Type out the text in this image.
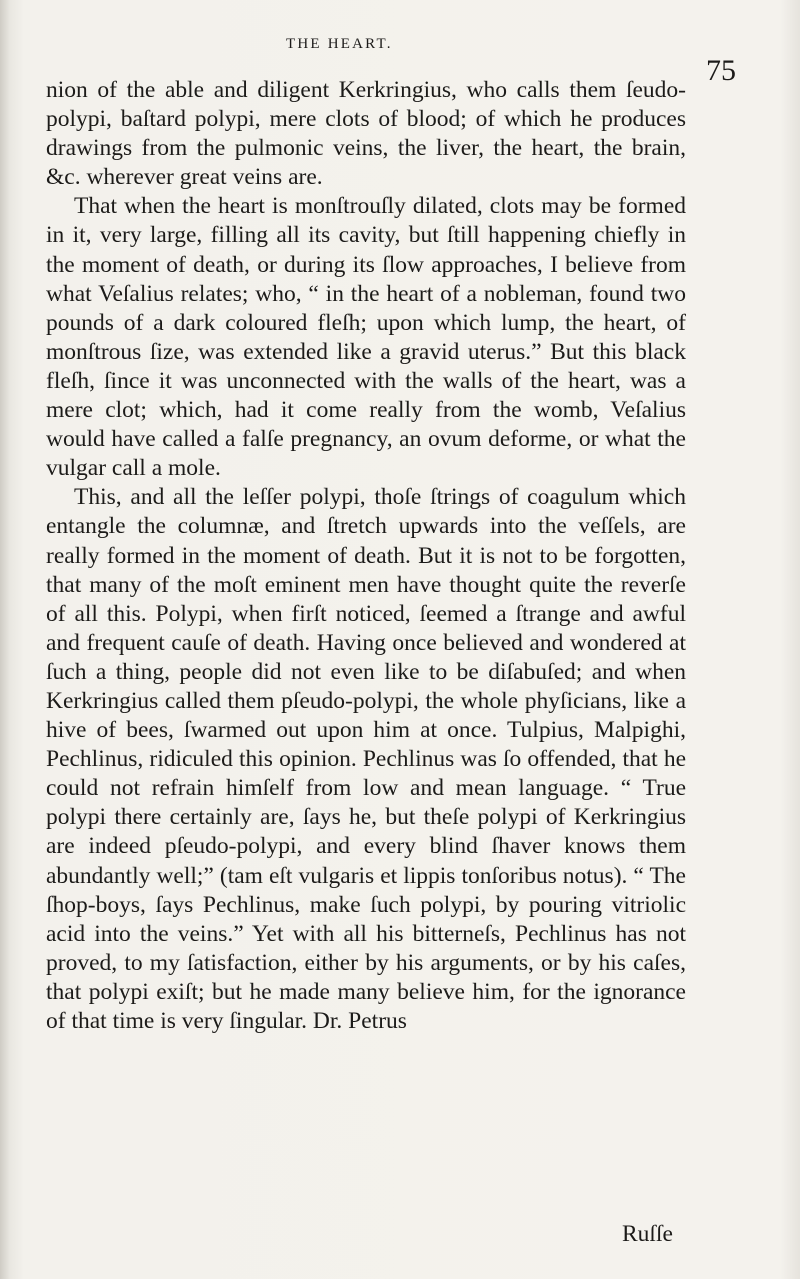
THE HEART.
75

nion of the able and diligent Kerkringius, who calls them ſeudo-polypi, baſtard polypi, mere clots of blood; of which he produces drawings from the pulmonic veins, the liver, the heart, the brain, &c. wherever great veins are.

That when the heart is monſtrouſly dilated, clots may be formed in it, very large, filling all its cavity, but ſtill happening chiefly in the moment of death, or during its ſlow approaches, I believe from what Veſalius relates; who, “ in the heart of a nobleman, found two pounds of a dark coloured fleſh; upon which lump, the heart, of monſtrous ſize, was extended like a gravid uterus.” But this black fleſh, ſince it was unconnected with the walls of the heart, was a mere clot; which, had it come really from the womb, Veſalius would have called a falſe pregnancy, an ovum deforme, or what the vulgar call a mole.

This, and all the leſſer polypi, thoſe ſtrings of coagulum which entangle the columnæ, and ſtretch upwards into the veſſels, are really formed in the moment of death. But it is not to be forgotten, that many of the moſt eminent men have thought quite the reverſe of all this. Polypi, when firſt noticed, ſeemed a ſtrange and awful and frequent cauſe of death. Having once believed and wondered at ſuch a thing, people did not even like to be diſabuſed; and when Kerkringius called them pſeudo-polypi, the whole phyſicians, like a hive of bees, ſwarmed out upon him at once. Tulpius, Malpighi, Pechlinus, ridiculed this opinion. Pechlinus was ſo offended, that he could not refrain himſelf from low and mean language. “ True polypi there certainly are, ſays he, but theſe polypi of Kerkringius are indeed pſeudo-polypi, and every blind ſhaver knows them abundantly well;” (tam eſt vulgaris et lippis tonſoribus notus). “ The ſhop-boys, ſays Pechlinus, make ſuch polypi, by pouring vitriolic acid into the veins.” Yet with all his bitterneſs, Pechlinus has not proved, to my ſatisfaction, either by his arguments, or by his caſes, that polypi exiſt; but he made many believe him, for the ignorance of that time is very ſingular. Dr. Petrus

Ruſſe
